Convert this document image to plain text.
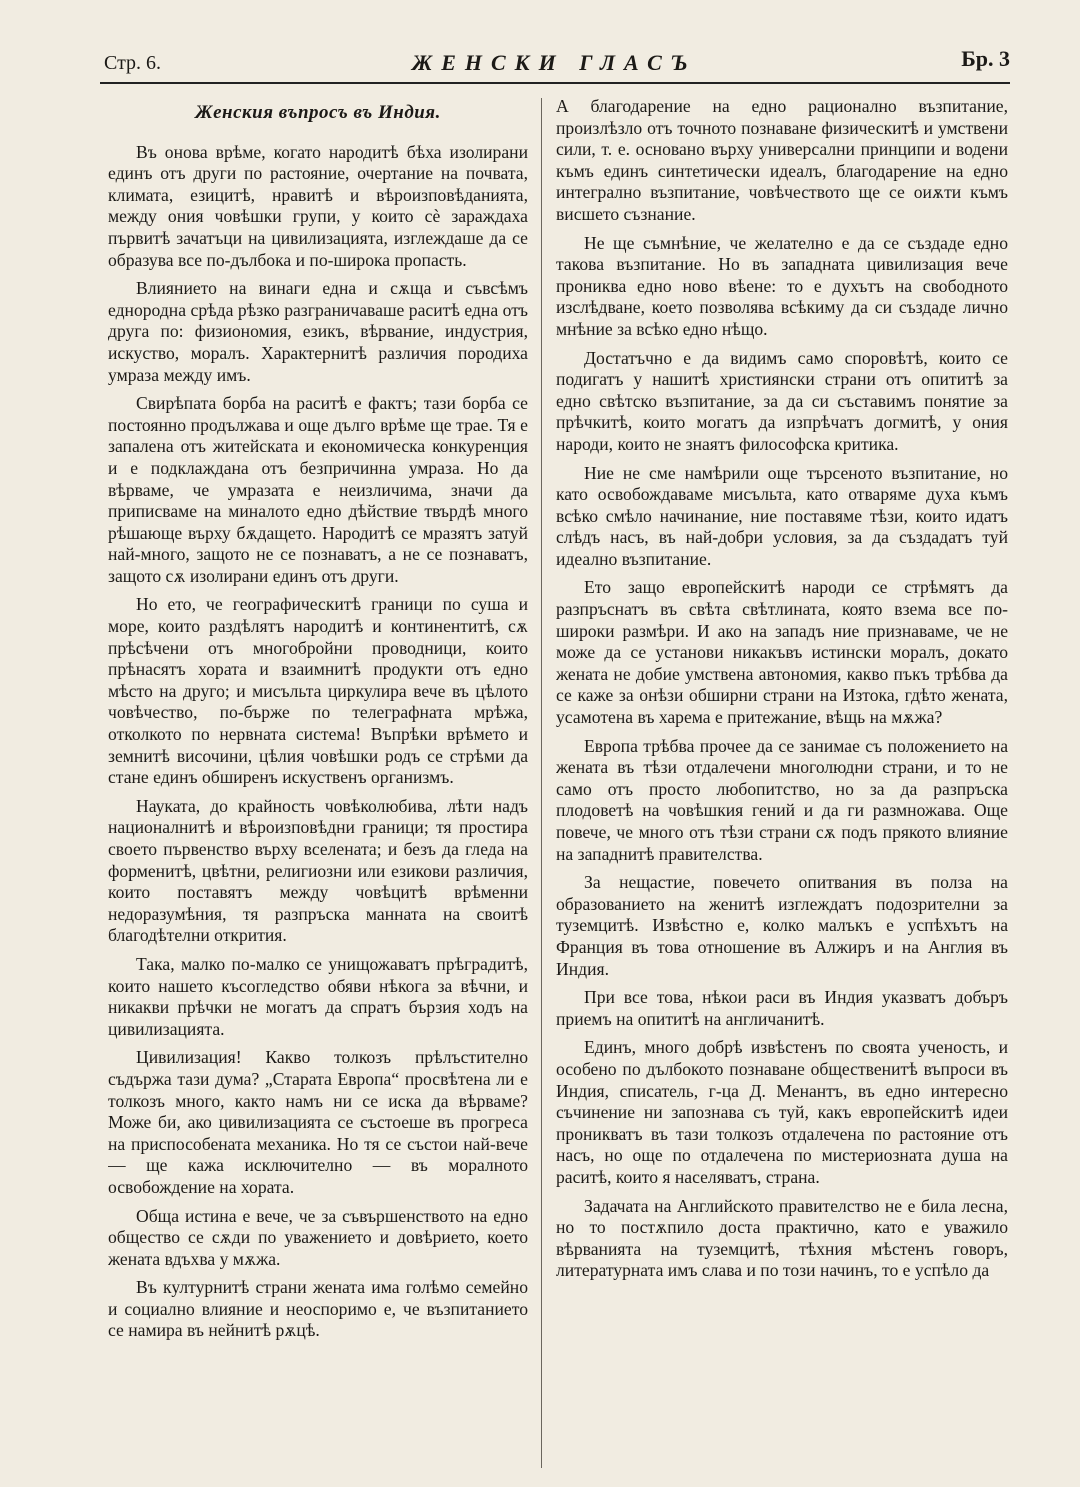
Стр. 6.	ЖЕНСКИ ГЛАСЪ	Бр. 3
Женския въпросъ въ Индия.

Въ онова врѣме, когато народитѣ бѣха изолирани единъ отъ други по растояние, очертание на почвата, климата, езицитѣ, нравитѣ и вѣроизповѣданията, между ония човѣшки групи, у които сѐ зараждаха първитѣ зачатъци на цивилизацията, изглеждаше да се образува все по-дълбока и по-широка пропасть.

Влиянието на винаги една и сѫща и съвсѣмъ еднородна срѣда рѣзко разграничаваше раситѣ една отъ друга по: физиономия, езикъ, вѣрвание, индустрия, искуство, моралъ. Характернитѣ различия породиха умраза между имъ.

Свирѣпата борба на раситѣ е фактъ; тази борба се постоянно продължава и още дълго врѣме ще трае. Тя е запалена отъ житейската и економическа конкуренция и е подклаждана отъ безпричинна умраза. Но да вѣрваме, че умразата е неизличима, значи да приписваме на миналото едно дѣйствие твърдѣ много рѣшающе върху бѫдащето. Народитѣ се мразятъ затуй най-много, защото не се познаватъ, а не се познаватъ, защото сѫ изолирани единъ отъ други.

Но ето, че географическитѣ граници по суша и море, които раздѣлятъ народитѣ и континентитѣ, сѫ прѣсѣчени отъ многобройни проводници, които прѣнасятъ хората и взаимнитѣ продукти отъ едно мѣсто на друго; и мисъльта циркулира вече въ цѣлото човѣчество, по-бърже по телеграфната мрѣжа, отколкото по нервната система! Въпрѣки врѣмето и земнитѣ височини, цѣлия човѣшки родъ се стрѣми да стане единъ обширенъ искуственъ организмъ.

Науката, до крайность човѣколюбива, лѣти надъ националнитѣ и вѣроизповѣдни граници; тя простира своето първенство върху вселената; и безъ да гледа на форменитѣ, цвѣтни, религиозни или езикови различия, които поставятъ между човѣцитѣ врѣменни недоразумѣния, тя разпръска манната на своитѣ благодѣтелни открития.

Така, малко по-малко се унищожаватъ прѣградитѣ, които нашето късогледство обяви нѣкога за вѣчни, и никакви прѣчки не могатъ да спратъ бързия ходъ на цивилизацията.

Цивилизация! Какво толкозъ прѣлъстително съдържа тази дума? „Старата Европа“ просвѣтена ли е толкозъ много, както намъ ни се иска да вѣрваме? Може би, ако цивилизацията се състоеше въ прогреса на приспособената механика. Но тя се състои най-вече — ще кажа исключително — въ моралното освобождение на хората.

Обща истина е вече, че за съвършенството на едно общество се сѫди по уважението и довѣрието, което жената вдъхва у мѫжа.

Въ културнитѣ страни жената има голѣмо семейно и социално влияние и неоспоримо е, че възпитанието се намира въ нейнитѣ рѫцѣ.

А благодарение на едно рационално възпитание, произлѣзло отъ точното познаване физическитѣ и умствени сили, т. е. основано върху универсални принципи и водени къмъ единъ синтетически идеалъ, благодарение на едно интегрално възпитание, човѣчеството ще се оиѫти къмъ висшето съзнание.

Не ще съмнѣние, че желателно е да се създаде едно такова възпитание. Но въ западната цивилизация вече прониква едно ново вѣене: то е духътъ на свободното изслѣдване, което позволява всѣкиму да си създаде лично мнѣние за всѣко едно нѣщо.

Достатъчно е да видимъ само споровѣтѣ, които се подигатъ у нашитѣ християнски страни отъ опититѣ за едно свѣтско възпитание, за да си съставимъ понятие за прѣчкитѣ, които могатъ да изпрѣчатъ догмитѣ, у ония народи, които не знаятъ философска критика.

Ние не сме намѣрили още търсеното възпитание, но като освобождаваме мисъльта, като отваряме духа къмъ всѣко смѣло начинание, ние поставяме тѣзи, които идатъ слѣдъ насъ, въ най-добри условия, за да създадатъ туй идеално възпитание.

Ето защо европейскитѣ народи се стрѣмятъ да разпръснатъ въ свѣта свѣтлината, която взема все по-широки размѣри. И ако на западъ ние признаваме, че не може да се установи никакъвъ истински моралъ, докато жената не добие умствена автономия, какво пъкъ трѣбва да се каже за онѣзи обширни страни на Изтока, гдѣто жената, усамотена въ харема е притежание, вѣщь на мѫжа?

Европа трѣбва прочее да се занимае съ положението на жената въ тѣзи отдалечени многолюдни страни, и то не само отъ просто любопитство, но за да разпръска плодоветѣ на човѣшкия гений и да ги размножава. Още повече, че много отъ тѣзи страни сѫ подъ прякото влияние на западнитѣ правителства.

За нещастие, повечето опитвания въ полза на образованието на женитѣ изглеждатъ подозрителни за туземцитѣ. Извѣстно е, колко малъкъ е успѣхътъ на Франция въ това отношение въ Алжиръ и на Англия въ Индия.

При все това, нѣкои раси въ Индия указватъ добъръ приемъ на опититѣ на англичанитѣ.

Единъ, много добрѣ извѣстенъ по своята ученость, и особено по дълбокото познаване общественитѣ въпроси въ Индия, списатель, г-ца Д. Менантъ, въ едно интересно съчинение ни запознава съ туй, какъ европейскитѣ идеи проникватъ въ тази толкозъ отдалечена по растояние отъ насъ, но още по отдалечена по мистериозната душа на раситѣ, които я населяватъ, страна.

Задачата на Английското правителство не е била лесна, но то постѫпило доста практично, като е уважило вѣрванията на туземцитѣ, тѣхния мѣстенъ говоръ, литературната имъ слава и по този начинъ, то е успѣло да
